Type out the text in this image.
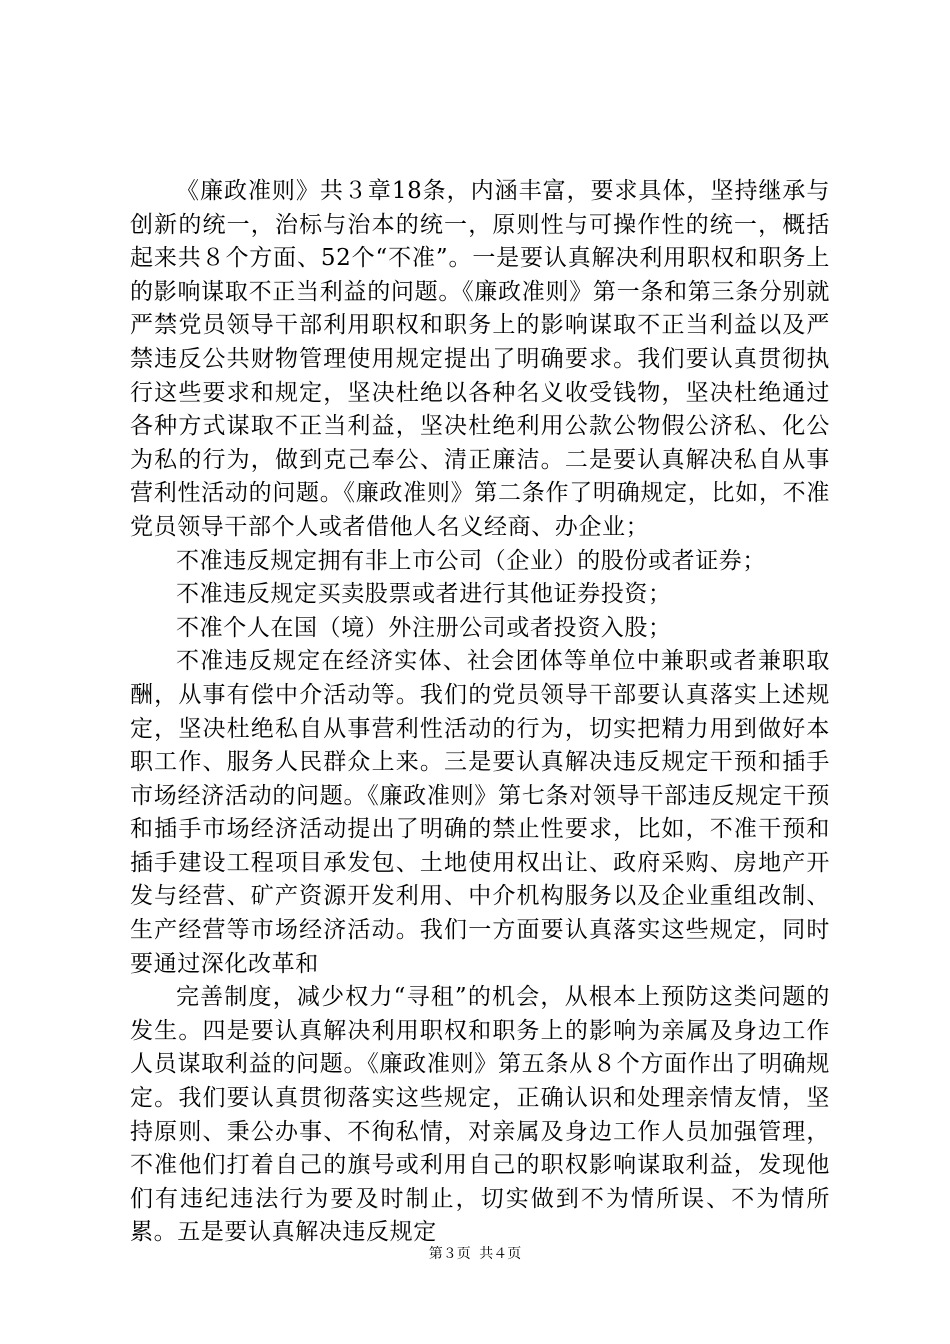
《廉政准则》共３章18条，内涵丰富，要求具体，坚持继承与创新的统一，治标与治本的统一，原则性与可操作性的统一，概括起来共８个方面、52个“不准”。一是要认真解决利用职权和职务上的影响谋取不正当利益的问题。《廉政准则》第一条和第三条分别就严禁党员领导干部利用职权和职务上的影响谋取不正当利益以及严禁违反公共财物管理使用规定提出了明确要求。我们要认真贯彻执行这些要求和规定，坚决杜绝以各种名义收受钱物，坚决杜绝通过各种方式谋取不正当利益，坚决杜绝利用公款公物假公济私、化公为私的行为，做到克己奉公、清正廉洁。二是要认真解决私自从事营利性活动的问题。《廉政准则》第二条作了明确规定，比如，不准党员领导干部个人或者借他人名义经商、办企业；

不准违反规定拥有非上市公司（企业）的股份或者证券；

不准违反规定买卖股票或者进行其他证券投资；

不准个人在国（境）外注册公司或者投资入股；

不准违反规定在经济实体、社会团体等单位中兼职或者兼职取酬，从事有偿中介活动等。我们的党员领导干部要认真落实上述规定，坚决杜绝私自从事营利性活动的行为，切实把精力用到做好本职工作、服务人民群众上来。三是要认真解决违反规定干预和插手市场经济活动的问题。《廉政准则》第七条对领导干部违反规定干预和插手市场经济活动提出了明确的禁止性要求，比如，不准干预和插手建设工程项目承发包、土地使用权出让、政府采购、房地产开发与经营、矿产资源开发利用、中介机构服务以及企业重组改制、生产经营等市场经济活动。我们一方面要认真落实这些规定，同时要通过深化改革和

完善制度，减少权力“寻租”的机会，从根本上预防这类问题的发生。四是要认真解决利用职权和职务上的影响为亲属及身边工作人员谋取利益的问题。《廉政准则》第五条从８个方面作出了明确规定。我们要认真贯彻落实这些规定，正确认识和处理亲情友情，坚持原则、秉公办事、不徇私情，对亲属及身边工作人员加强管理，不准他们打着自己的旗号或利用自己的职权影响谋取利益，发现他们有违纪违法行为要及时制止，切实做到不为情所误、不为情所累。五是要认真解决违反规定

第３页 共４页
